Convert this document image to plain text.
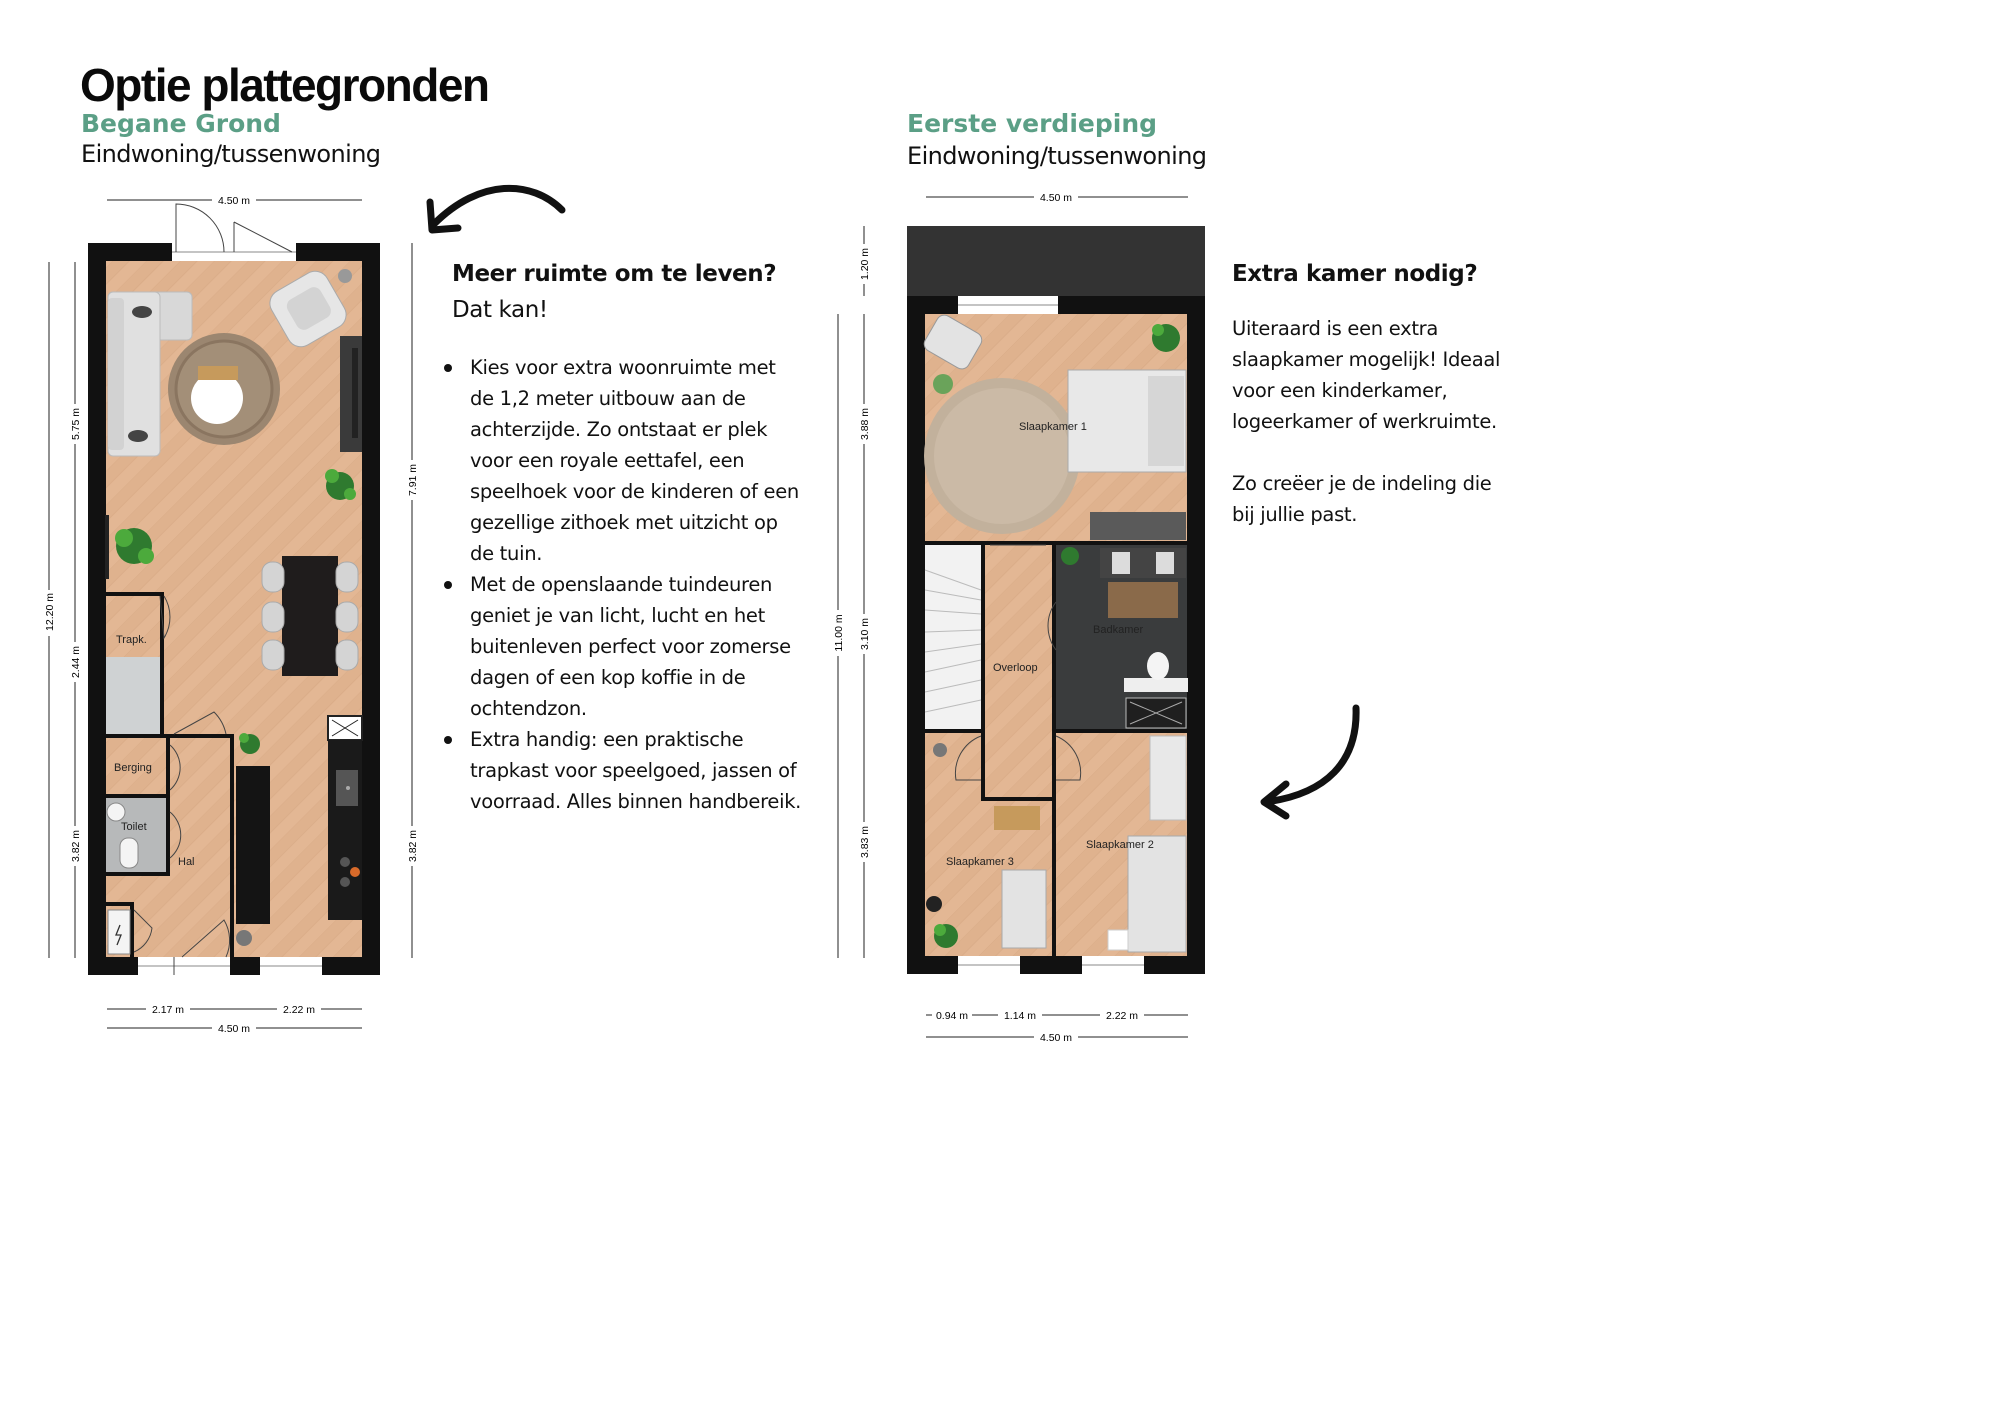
Optie plattegronden
Begane Grond
Eindwoning/tussenwoning
Eerste verdieping
Eindwoning/tussenwoning
Meer ruimte om te leven?
Dat kan!
Kies voor extra woonruimte met de 1,2 meter uitbouw aan de achterzijde. Zo ontstaat er plek voor een royale eettafel, een speelhoek voor de kinderen of een gezellige zithoek met uitzicht op de tuin.
Met de openslaande tuindeuren geniet je van licht, lucht en het buitenleven perfect voor zomerse dagen of een kop koffie in de ochtendzon.
Extra handig: een praktische trapkast voor speelgoed, jassen of voorraad. Alles binnen handbereik.
Extra kamer nodig?
Uiteraard is een extra slaapkamer mogelijk! Ideaal voor een kinderkamer, logeerkamer of werkruimte.
Zo creëer je de indeling die bij jullie past.
4.50 m
12.20 m
5.75 m
2.44 m
3.82 m
7.91 m
3.82 m
2.17 m	2.22 m
4.50 m
Trapk.
Berging
Toilet
Hal
4.50 m
1.20 m
3.88 m
3.10 m
3.83 m
11.00 m
0.94 m	1.14 m	2.22 m
4.50 m
Slaapkamer 1
Badkamer
Overloop
Slaapkamer 3
Slaapkamer 2
